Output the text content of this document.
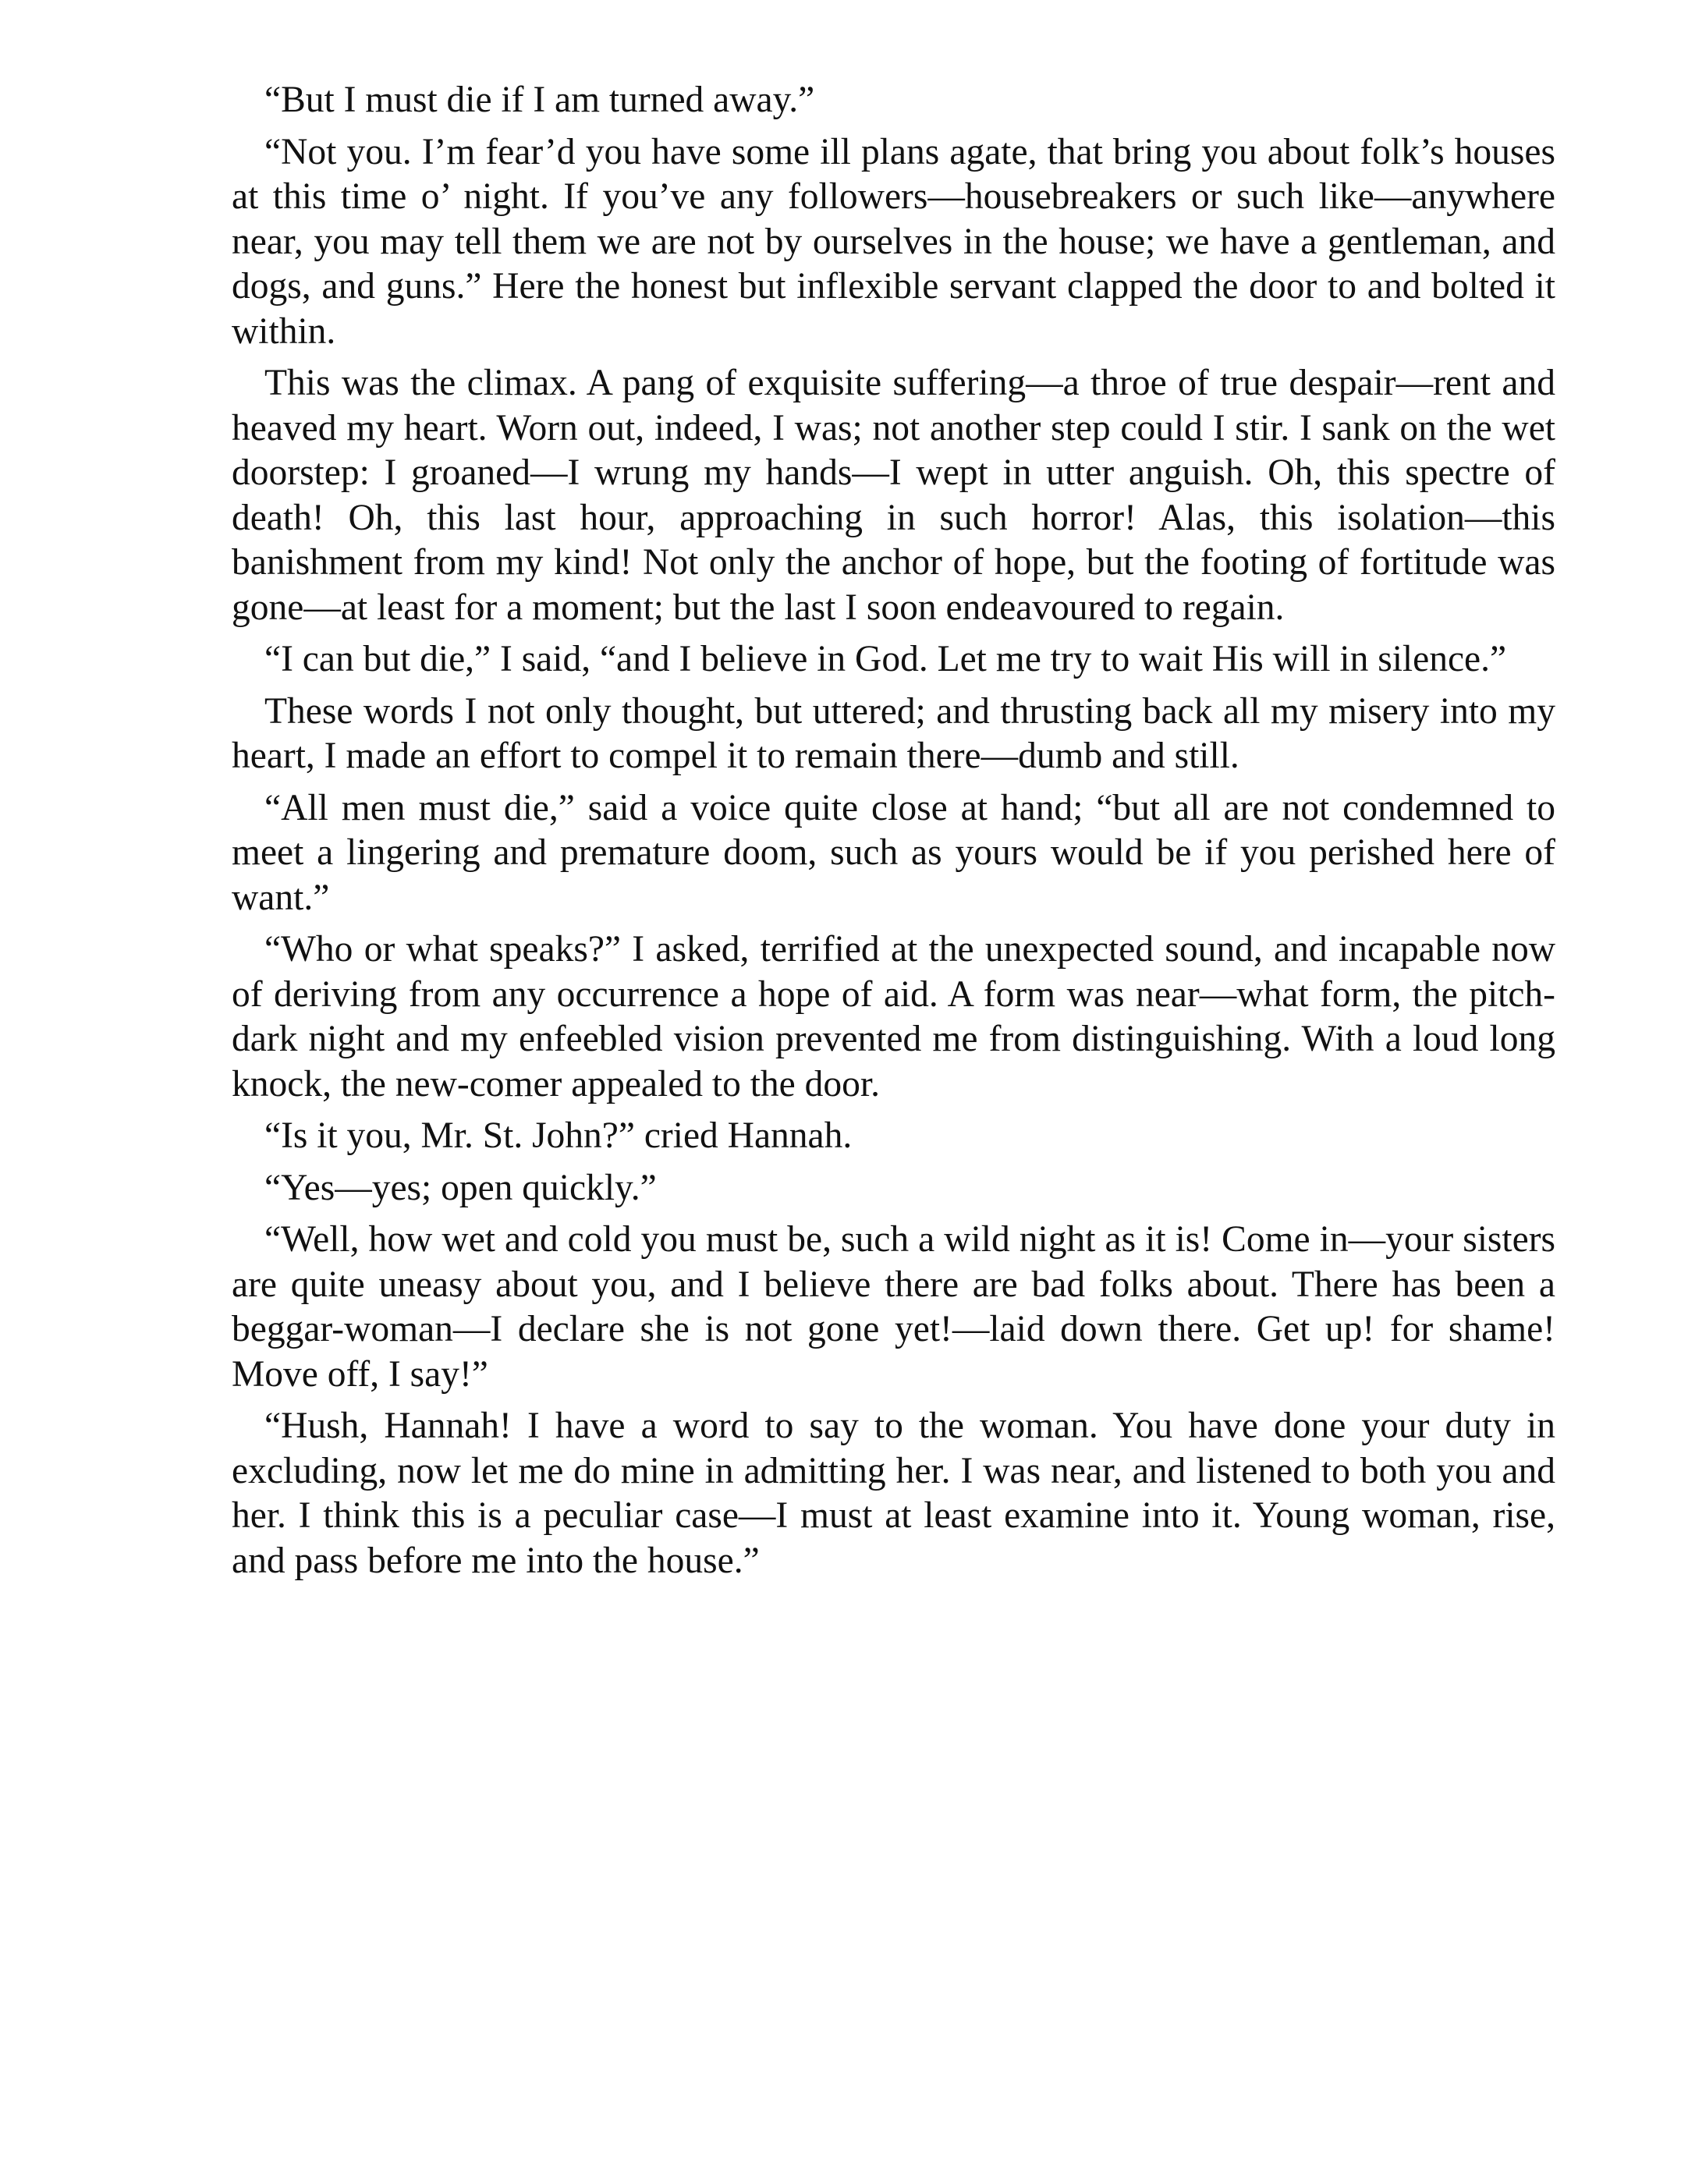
“But I must die if I am turned away.”

“Not you. I’m fear’d you have some ill plans agate, that bring you about folk’s houses at this time o’ night. If you’ve any followers—housebreakers or such like—anywhere near, you may tell them we are not by ourselves in the house; we have a gentleman, and dogs, and guns.” Here the honest but inflexible servant clapped the door to and bolted it within.

This was the climax. A pang of exquisite suffering—a throe of true despair—rent and heaved my heart. Worn out, indeed, I was; not another step could I stir. I sank on the wet doorstep: I groaned—I wrung my hands—I wept in utter anguish. Oh, this spectre of death! Oh, this last hour, approaching in such horror! Alas, this isolation—this banishment from my kind! Not only the anchor of hope, but the footing of fortitude was gone—at least for a moment; but the last I soon endeavoured to regain.

“I can but die,” I said, “and I believe in God. Let me try to wait His will in silence.”

These words I not only thought, but uttered; and thrusting back all my misery into my heart, I made an effort to compel it to remain there—dumb and still.

“All men must die,” said a voice quite close at hand; “but all are not condemned to meet a lingering and premature doom, such as yours would be if you perished here of want.”

“Who or what speaks?” I asked, terrified at the unexpected sound, and incapable now of deriving from any occurrence a hope of aid. A form was near—what form, the pitch-dark night and my enfeebled vision prevented me from distinguishing. With a loud long knock, the new-comer appealed to the door.

“Is it you, Mr. St. John?” cried Hannah.

“Yes—yes; open quickly.”

“Well, how wet and cold you must be, such a wild night as it is! Come in—your sisters are quite uneasy about you, and I believe there are bad folks about. There has been a beggar-woman—I declare she is not gone yet!—laid down there. Get up! for shame! Move off, I say!”

“Hush, Hannah! I have a word to say to the woman. You have done your duty in excluding, now let me do mine in admitting her. I was near, and listened to both you and her. I think this is a peculiar case—I must at least examine into it. Young woman, rise, and pass before me into the house.”
